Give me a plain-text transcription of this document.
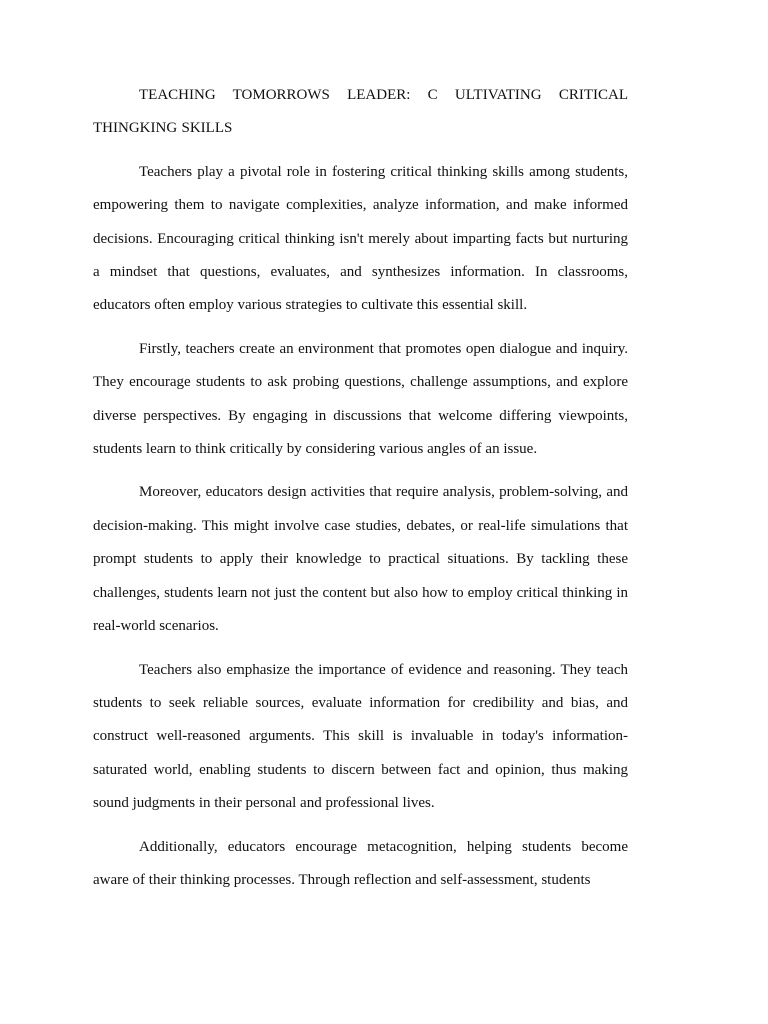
TEACHING TOMORROWS LEADER: C ULTIVATING CRITICAL THINGKING SKILLS

Teachers play a pivotal role in fostering critical thinking skills among students, empowering them to navigate complexities, analyze information, and make informed decisions. Encouraging critical thinking isn't merely about imparting facts but nurturing a mindset that questions, evaluates, and synthesizes information. In classrooms, educators often employ various strategies to cultivate this essential skill.

Firstly, teachers create an environment that promotes open dialogue and inquiry. They encourage students to ask probing questions, challenge assumptions, and explore diverse perspectives. By engaging in discussions that welcome differing viewpoints, students learn to think critically by considering various angles of an issue.

Moreover, educators design activities that require analysis, problem-solving, and decision-making. This might involve case studies, debates, or real-life simulations that prompt students to apply their knowledge to practical situations. By tackling these challenges, students learn not just the content but also how to employ critical thinking in real-world scenarios.

Teachers also emphasize the importance of evidence and reasoning. They teach students to seek reliable sources, evaluate information for credibility and bias, and construct well-reasoned arguments. This skill is invaluable in today's information-saturated world, enabling students to discern between fact and opinion, thus making sound judgments in their personal and professional lives.

Additionally, educators encourage metacognition, helping students become aware of their thinking processes. Through reflection and self-assessment, students
